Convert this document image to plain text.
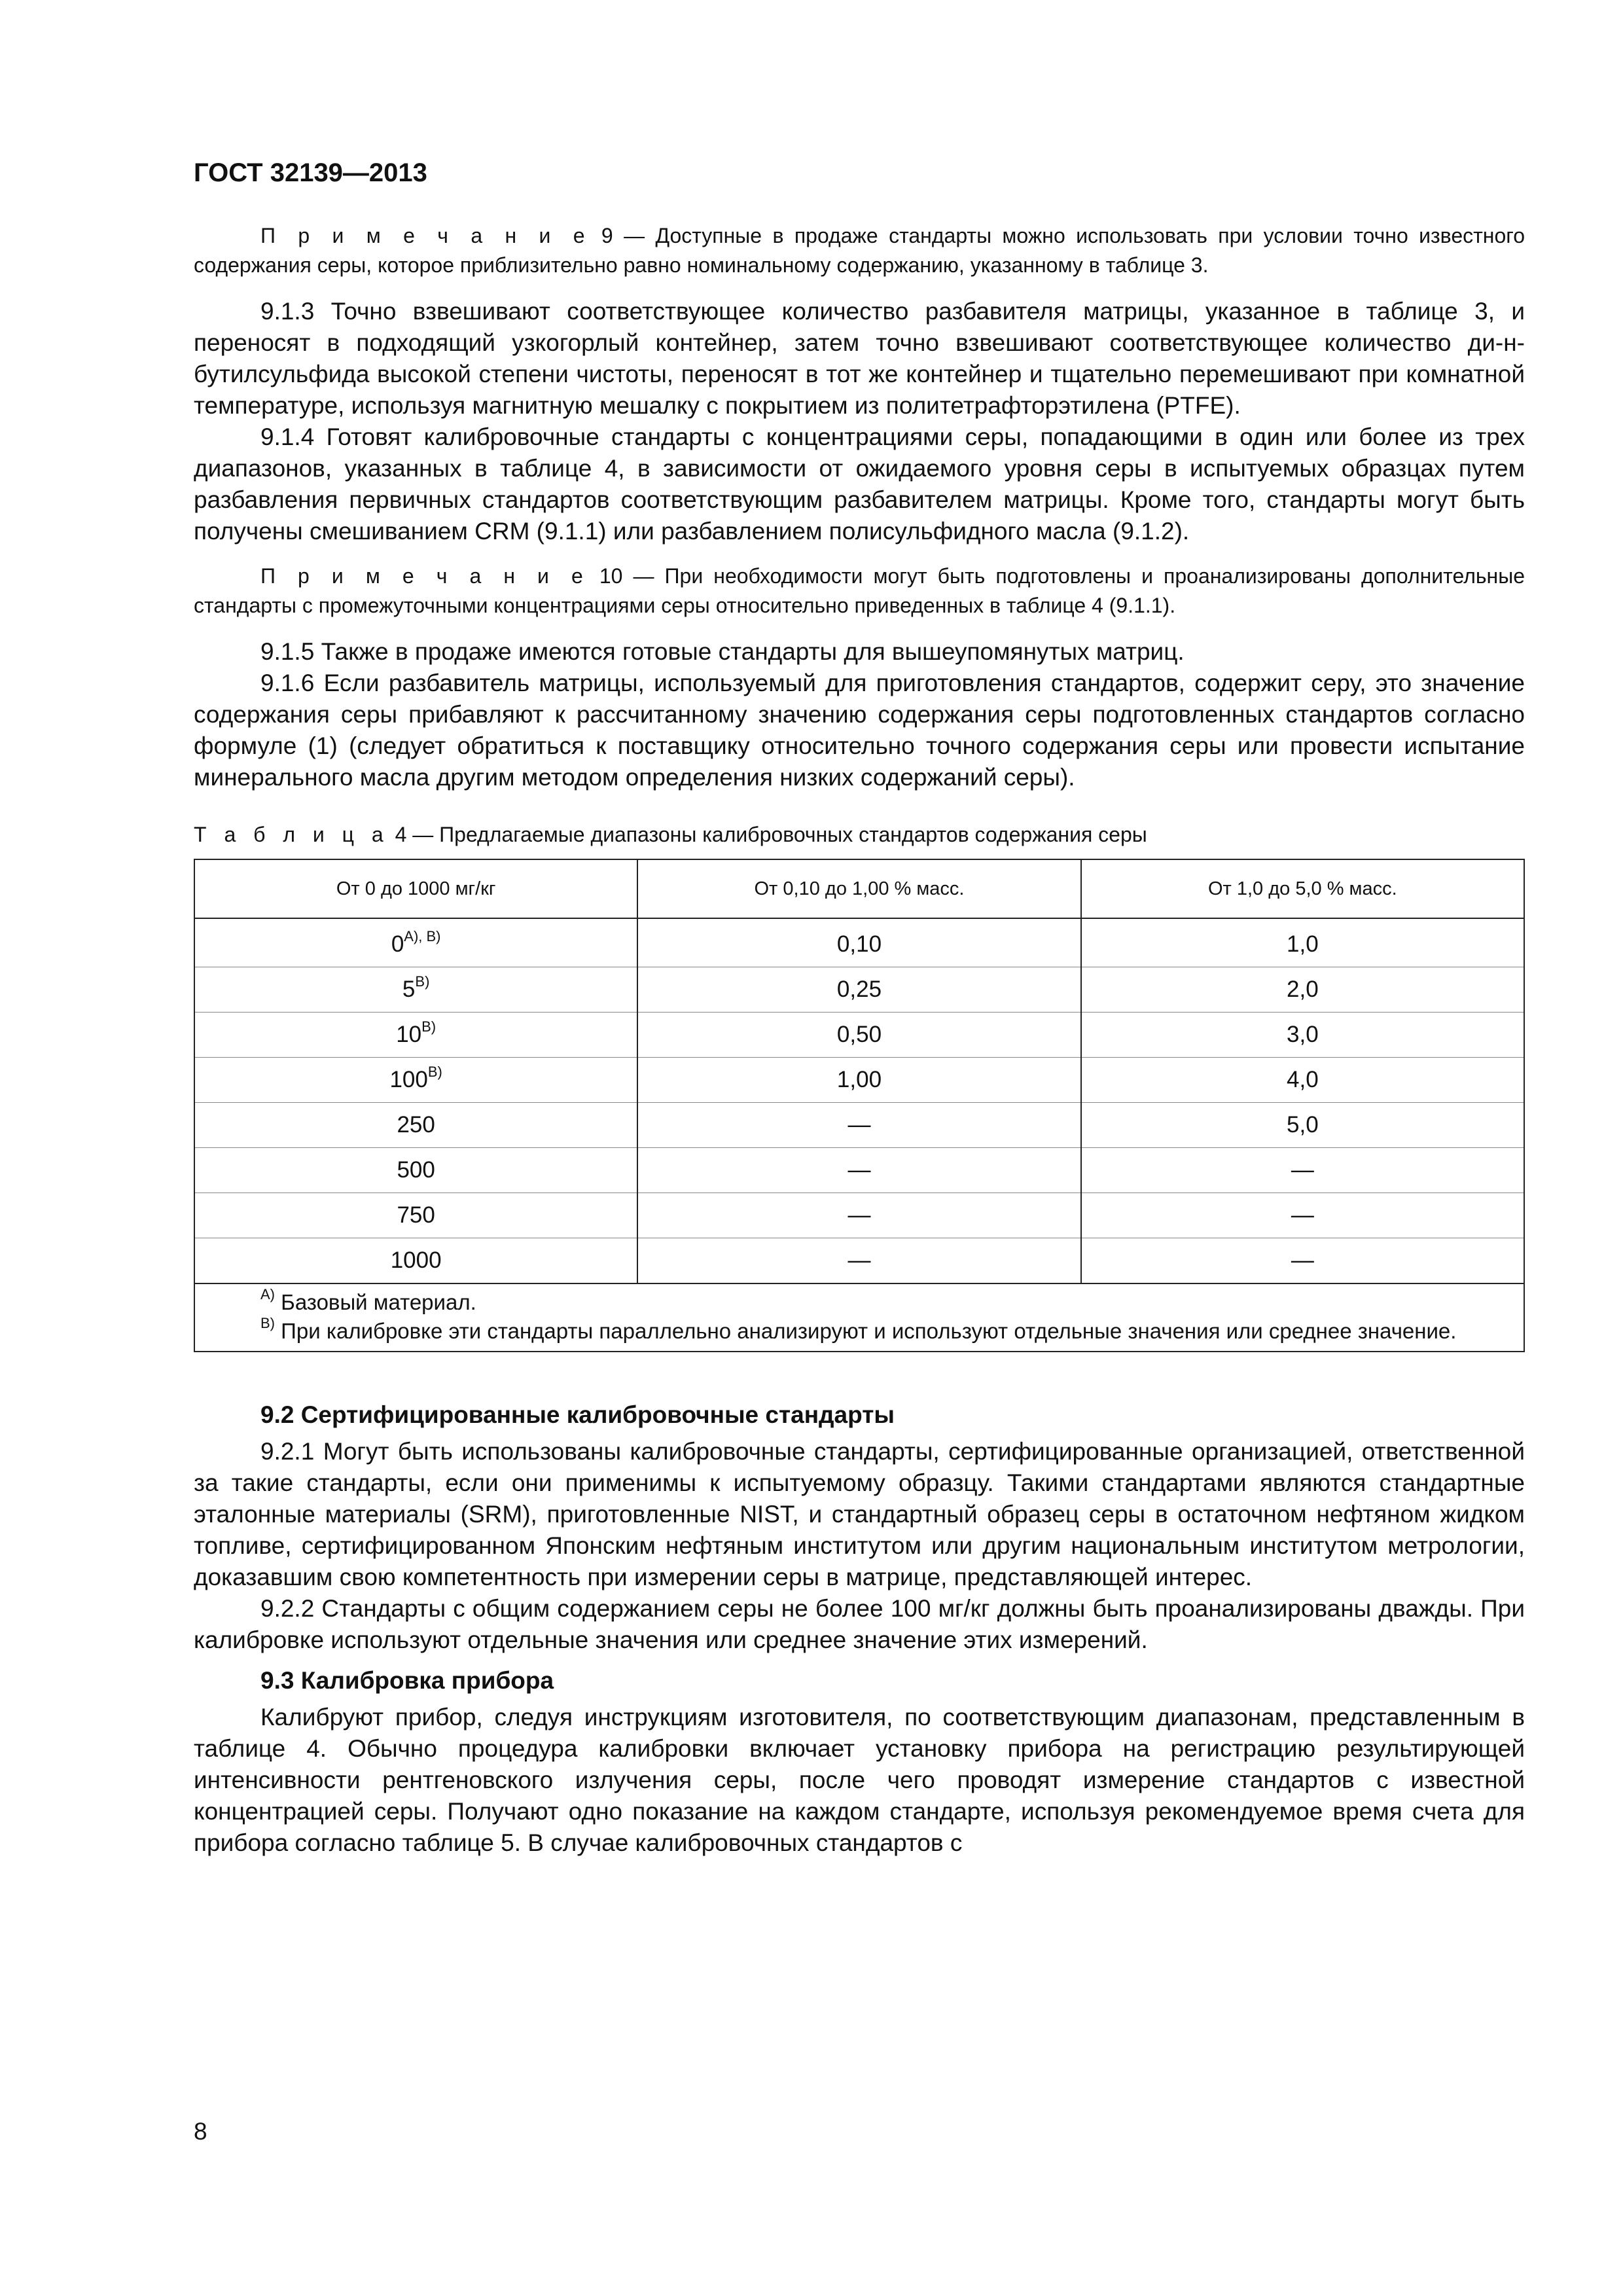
ГОСТ 32139—2013

П р и м е ч а н и е 9 — Доступные в продаже стандарты можно использовать при условии точно известного содержания серы, которое приблизительно равно номинальному содержанию, указанному в таблице 3.

9.1.3 Точно взвешивают соответствующее количество разбавителя матрицы, указанное в таблице 3, и переносят в подходящий узкогорлый контейнер, затем точно взвешивают соответствующее количество ди-н-бутилсульфида высокой степени чистоты, переносят в тот же контейнер и тщательно перемешивают при комнатной температуре, используя магнитную мешалку с покрытием из политетрафторэтилена (PTFE).

9.1.4 Готовят калибровочные стандарты с концентрациями серы, попадающими в один или более из трех диапазонов, указанных в таблице 4, в зависимости от ожидаемого уровня серы в испытуемых образцах путем разбавления первичных стандартов соответствующим разбавителем матрицы. Кроме того, стандарты могут быть получены смешиванием CRM (9.1.1) или разбавлением полисульфидного масла (9.1.2).

П р и м е ч а н и е 10 — При необходимости могут быть подготовлены и проанализированы дополнительные стандарты с промежуточными концентрациями серы относительно приведенных в таблице 4 (9.1.1).

9.1.5 Также в продаже имеются готовые стандарты для вышеупомянутых матриц.

9.1.6 Если разбавитель матрицы, используемый для приготовления стандартов, содержит серу, это значение содержания серы прибавляют к рассчитанному значению содержания серы подготовленных стандартов согласно формуле (1) (следует обратиться к поставщику относительно точного содержания серы или провести испытание минерального масла другим методом определения низких содержаний серы).

Т а б л и ц а 4 — Предлагаемые диапазоны калибровочных стандартов содержания серы
От 0 до 1000 мг/кг	От 0,10 до 1,00 % масс.	От 1,0 до 5,0 % масс.
$0^{А), В)}$	0,10	1,0
$5^{В)}$	0,25	2,0
$10^{В)}$	0,50	3,0
$100^{В)}$	1,00	4,0
250	—	5,0
500	—	—
750	—	—
1000	—	—

$^{А)}$ Базовый материал.
$^{В)}$ При калибровке эти стандарты параллельно анализируют и используют отдельные значения или среднее значение.		
9.2 Сертифицированные калибровочные стандарты

9.2.1 Могут быть использованы калибровочные стандарты, сертифицированные организацией, ответственной за такие стандарты, если они применимы к испытуемому образцу. Такими стандартами являются стандартные эталонные материалы (SRM), приготовленные NIST, и стандартный образец серы в остаточном нефтяном жидком топливе, сертифицированном Японским нефтяным институтом или другим национальным институтом метрологии, доказавшим свою компетентность при измерении серы в матрице, представляющей интерес.

9.2.2 Стандарты с общим содержанием серы не более 100 мг/кг должны быть проанализированы дважды. При калибровке используют отдельные значения или среднее значение этих измерений.

9.3 Калибровка прибора

Калибруют прибор, следуя инструкциям изготовителя, по соответствующим диапазонам, представленным в таблице 4. Обычно процедура калибровки включает установку прибора на регистрацию результирующей интенсивности рентгеновского излучения серы, после чего проводят измерение стандартов с известной концентрацией серы. Получают одно показание на каждом стандарте, используя рекомендуемое время счета для прибора согласно таблице 5. В случае калибровочных стандартов с

8
